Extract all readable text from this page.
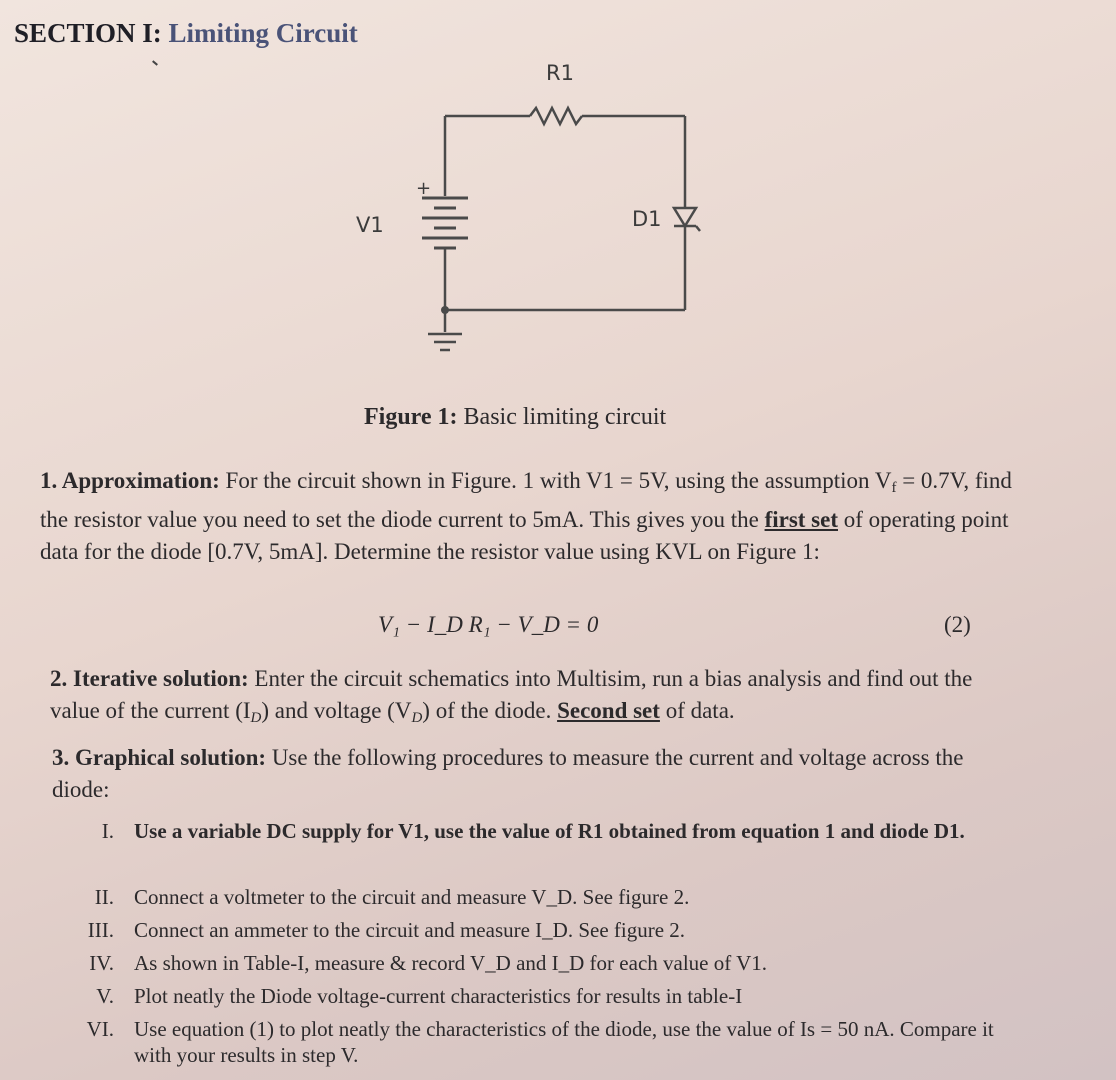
SECTION I: Limiting Circuit
R1
V1	D1
+
Figure 1: Basic limiting circuit
1. Approximation: For the circuit shown in Figure. 1 with V1 = 5V, using the assumption $V_f = 0.7V$, find the resistor value you need to set the diode current to 5mA. This gives you the first set of operating point data for the diode [0.7V, 5mA]. Determine the resistor value using KVL on Figure 1:
V₁ − I_D R₁ − V_D = 0	(2)
2. Iterative solution: Enter the circuit schematics into Multisim, run a bias analysis and find out the value of the current $(I_D)$ and voltage $(V_D)$ of the diode. Second set of data.
3. Graphical solution: Use the following procedures to measure the current and voltage across the diode:
I. Use a variable DC supply for V1, use the value of R1 obtained from equation 1 and diode D1.
II. Connect a voltmeter to the circuit and measure V_D. See figure 2.
III. Connect an ammeter to the circuit and measure I_D. See figure 2.
IV. As shown in Table-I, measure & record V_D and I_D for each value of V1.
V. Plot neatly the Diode voltage-current characteristics for results in table-I
VI. Use equation (1) to plot neatly the characteristics of the diode, use the value of Is = 50 nA. Compare it with your results in step V.
